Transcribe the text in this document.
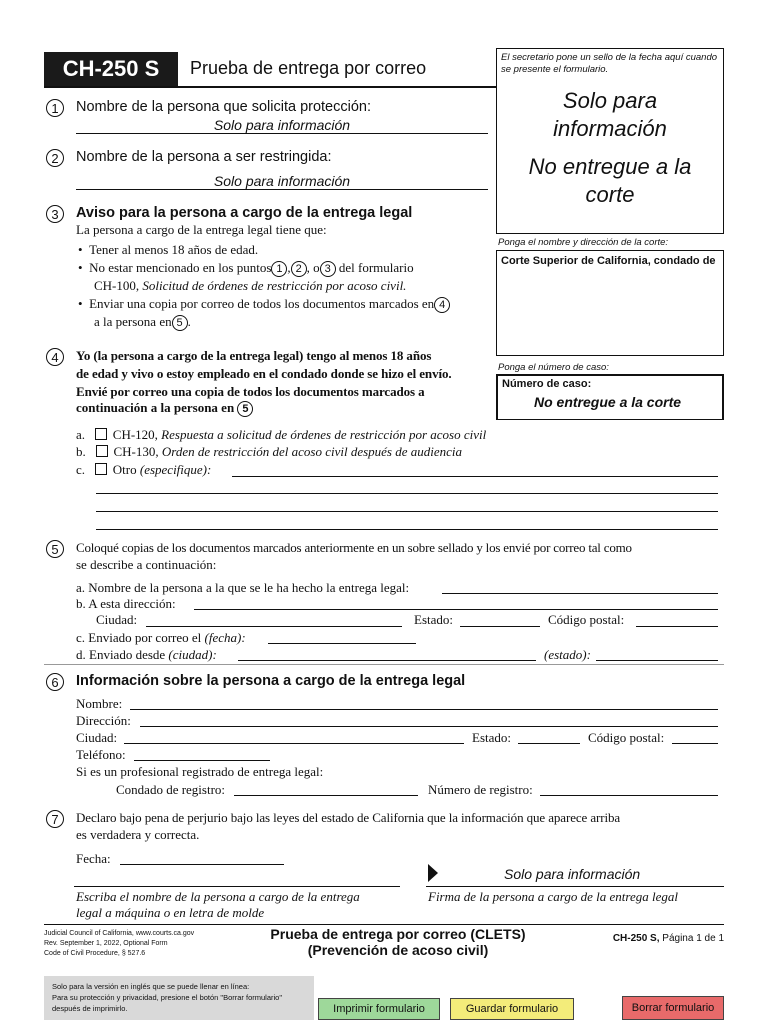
CH-250 S	Prueba de entrega por correo
El secretario pone un sello de la fecha aquí cuando se presente el formulario.
Solo para información
No entregue a la corte
Ponga el nombre y dirección de la corte:
Corte Superior de California, condado de
Ponga el número de caso:
Número de caso:
No entregue a la corte
1	Nombre de la persona que solicita protección:
Solo para información
2	Nombre de la persona a ser restringida:
Solo para información
3	Aviso para la persona a cargo de la entrega legal
La persona a cargo de la entrega legal tiene que:
•  Tener al menos 18 años de edad.
•  No estar mencionado en los puntos 1 , 2 , o 3 del formulario
CH-100, Solicitud de órdenes de restricción por acoso civil.
•  Enviar una copia por correo de todos los documentos marcados en 4
a la persona en 5 .
4	Yo (la persona a cargo de la entrega legal) tengo al menos 18 años
de edad y vivo o estoy empleado en el condado donde se hizo el envío.
Envié por correo una copia de todos los documentos marcados a
continuación a la persona en 5
a. CH-120, Respuesta a solicitud de órdenes de restricción por acoso civil
b. CH-130, Orden de restricción del acoso civil después de audiencia
c. Otro (especifique):
5	Coloqué copias de los documentos marcados anteriormente en un sobre sellado y los envié por correo tal como
se describe a continuación:
a. Nombre de la persona a la que se le ha hecho la entrega legal:
b. A esta dirección:
Ciudad:	Estado:	Código postal:
c. Enviado por correo el (fecha):
d. Enviado desde (ciudad):	(estado):
6	Información sobre la persona a cargo de la entrega legal
Nombre:
Dirección:
Ciudad:	Estado:	Código postal:
Teléfono:
Si es un profesional registrado de entrega legal:
Condado de registro:	Número de registro:
7	Declaro bajo pena de perjurio bajo las leyes del estado de California que la información que aparece arriba
es verdadera y correcta.
Fecha:
Solo para información
Escriba el nombre de la persona a cargo de la entrega
legal a máquina o en letra de molde
Firma de la persona a cargo de la entrega legal
Judicial Council of California, www.courts.ca.gov
Rev. September 1, 2022, Optional Form
Code of Civil Procedure, § 527.6
Prueba de entrega por correo (CLETS)
(Prevención de acoso civil)
CH-250 S, Página 1 de 1
Solo para la versión en inglés que se puede llenar en línea:
Para su protección y privacidad, presione el botón "Borrar formulario"
después de imprimirlo.	Imprimir formulario	Guardar formulario	Borrar formulario
